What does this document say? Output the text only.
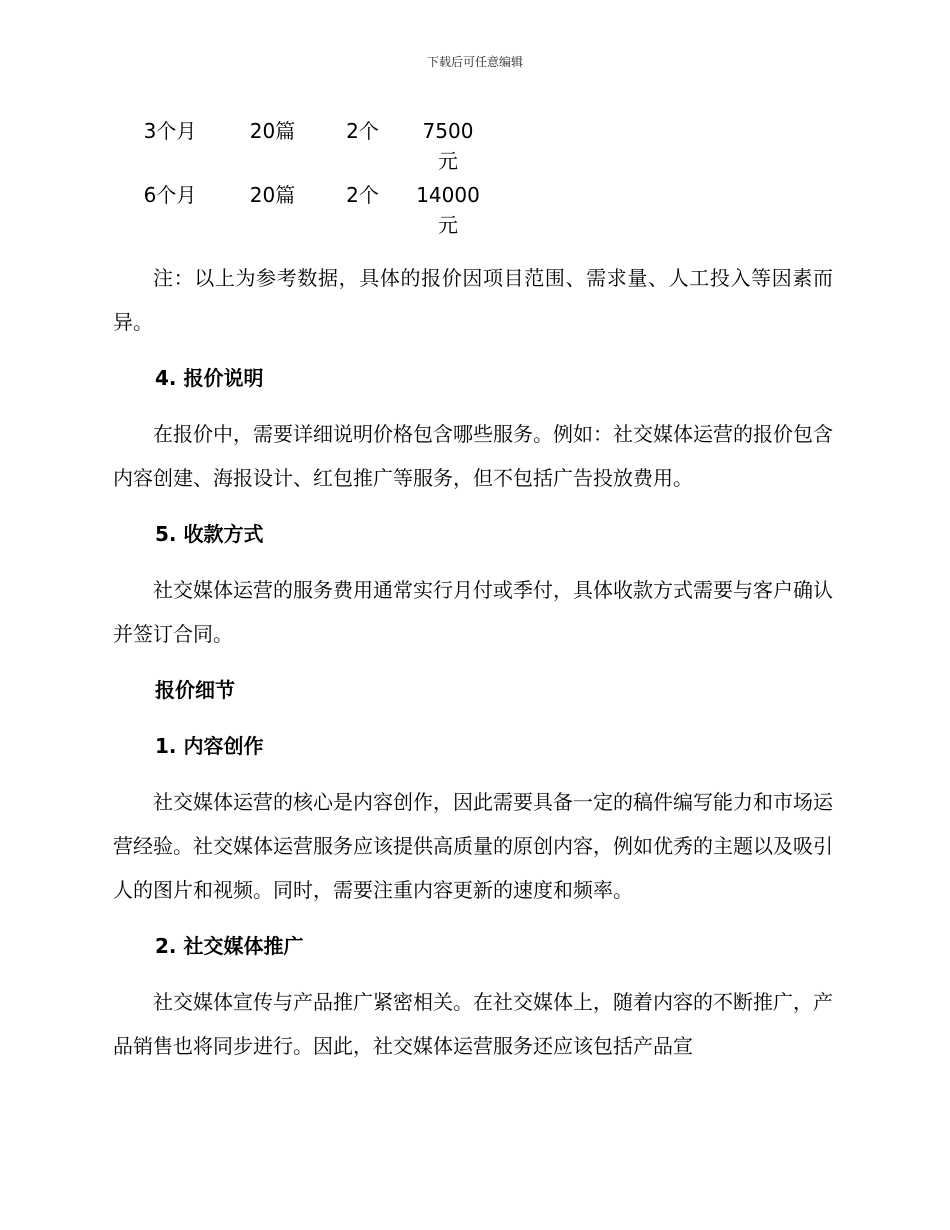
下载后可任意编辑
3个月	20篇	2个	7500
元
6个月	20篇	2个	14000
元

注：以上为参考数据，具体的报价因项目范围、需求量、人工投入等因素而异。

4. 报价说明

在报价中，需要详细说明价格包含哪些服务。例如：社交媒体运营的报价包含内容创建、海报设计、红包推广等服务，但不包括广告投放费用。

5. 收款方式

社交媒体运营的服务费用通常实行月付或季付，具体收款方式需要与客户确认并签订合同。

报价细节
1. 内容创作

社交媒体运营的核心是内容创作，因此需要具备一定的稿件编写能力和市场运营经验。社交媒体运营服务应该提供高质量的原创内容，例如优秀的主题以及吸引人的图片和视频。同时，需要注重内容更新的速度和频率。

2. 社交媒体推广

社交媒体宣传与产品推广紧密相关。在社交媒体上，随着内容的不断推广，产品销售也将同步进行。因此，社交媒体运营服务还应该包括产品宣
